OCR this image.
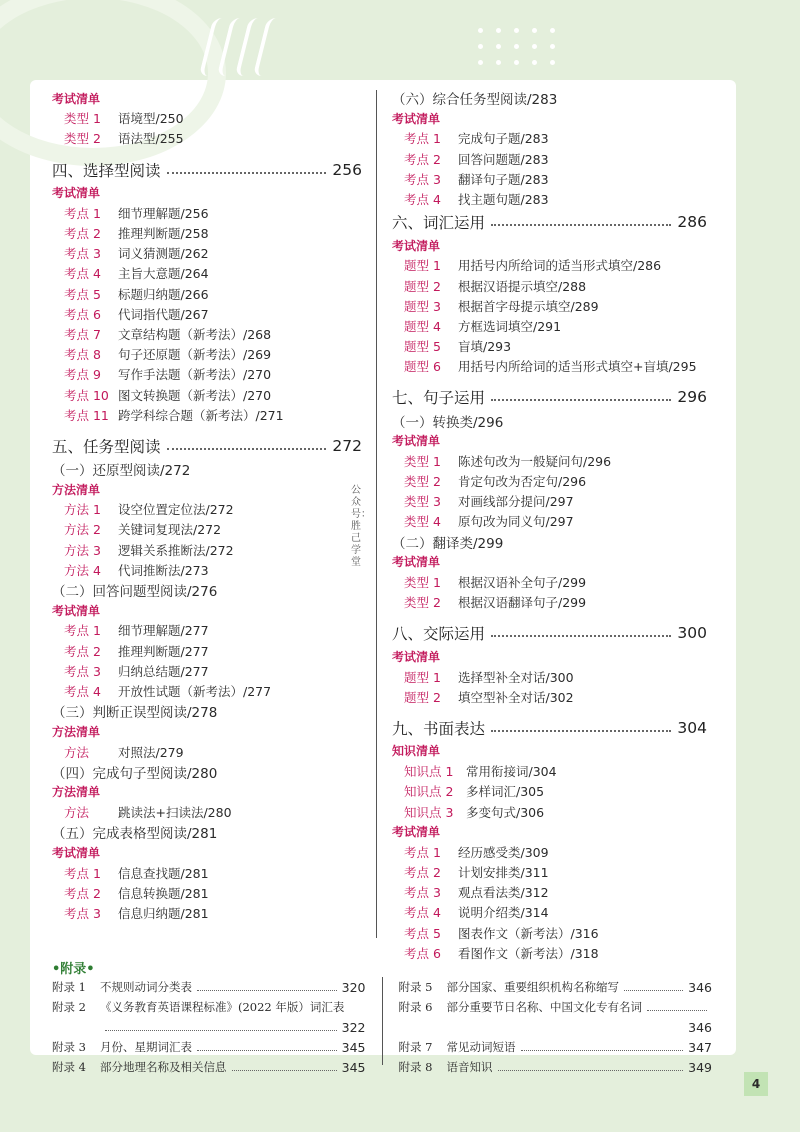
公众号：胜己学堂
考试清单
类型 1	语境型/250
类型 2	语法型/255
四、选择型阅读	256
考试清单
考点 1	细节理解题/256
考点 2	推理判断题/258
考点 3	词义猜测题/262
考点 4	主旨大意题/264
考点 5	标题归纳题/266
考点 6	代词指代题/267
考点 7	文章结构题（新考法）/268
考点 8	句子还原题（新考法）/269
考点 9	写作手法题（新考法）/270
考点 10 图文转换题（新考法）/270
考点 11 跨学科综合题（新考法）/271
五、任务型阅读	272
（一）还原型阅读/272
方法清单
方法 1	设空位置定位法/272
方法 2	关键词复现法/272
方法 3	逻辑关系推断法/272
方法 4	代词推断法/273
（二）回答问题型阅读/276
考试清单
考点 1	细节理解题/277
考点 2	推理判断题/277
考点 3	归纳总结题/277
考点 4	开放性试题（新考法）/277
（三）判断正误型阅读/278
方法清单
方法	对照法/279
（四）完成句子型阅读/280
方法清单
方法	跳读法+扫读法/280
（五）完成表格型阅读/281
考试清单
考点 1	信息查找题/281
考点 2	信息转换题/281
考点 3	信息归纳题/281
（六）综合任务型阅读/283
考试清单
考点 1	完成句子题/283
考点 2	回答问题题/283
考点 3	翻译句子题/283
考点 4	找主题句题/283
六、词汇运用	286
考试清单
题型 1	用括号内所给词的适当形式填空/286
题型 2	根据汉语提示填空/288
题型 3	根据首字母提示填空/289
题型 4	方框选词填空/291
题型 5	盲填/293
题型 6	用括号内所给词的适当形式填空+盲填/295
七、句子运用	296
（一）转换类/296
考试清单
类型 1	陈述句改为一般疑问句/296
类型 2	肯定句改为否定句/296
类型 3	对画线部分提问/297
类型 4	原句改为同义句/297
（二）翻译类/299
考试清单
类型 1	根据汉语补全句子/299
类型 2	根据汉语翻译句子/299
八、交际运用	300
考试清单
题型 1	选择型补全对话/300
题型 2	填空型补全对话/302
九、书面表达	304
知识清单
知识点 1	常用衔接词/304
知识点 2	多样词汇/305
知识点 3	多变句式/306
考试清单
考点 1	经历感受类/309
考点 2	计划安排类/311
考点 3	观点看法类/312
考点 4	说明介绍类/314
考点 5	图表作文（新考法）/316
考点 6	看图作文（新考法）/318
•附录•
附录 1	不规则动词分类表	320
附录 2	《义务教育英语课程标准》(2022 年版）词汇表
322
附录 3	月份、星期词汇表	345
附录 4	部分地理名称及相关信息	345
附录 5	部分国家、重要组织机构名称缩写	346
附录 6	部分重要节日名称、中国文化专有名词
346
附录 7	常见动词短语	347
附录 8	语音知识	349
4
